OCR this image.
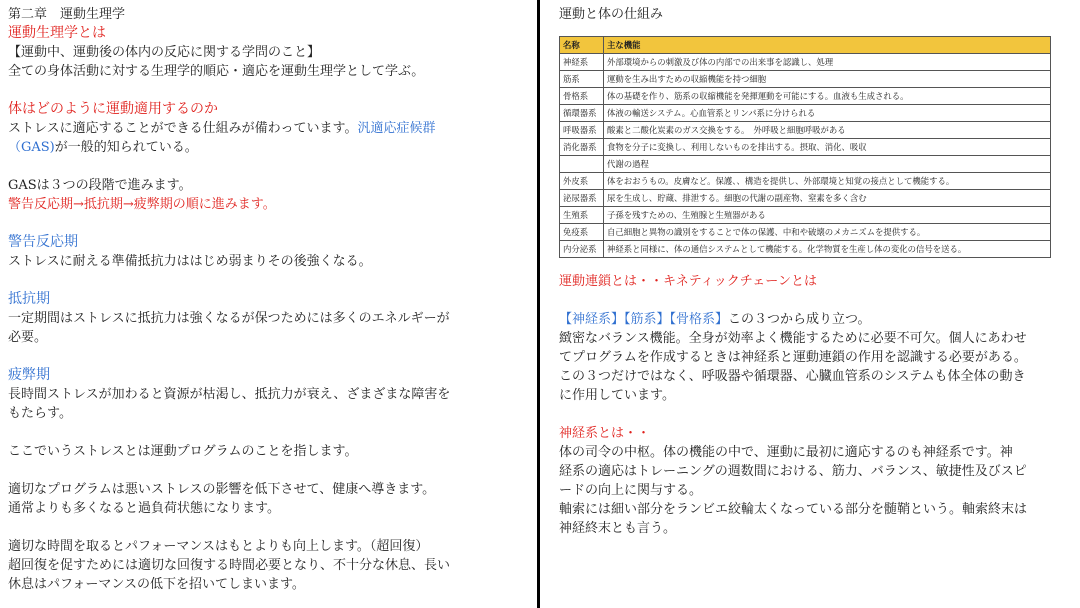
第二章　運動生理学
運動生理学とは
【運動中、運動後の体内の反応に関する学問のこと】
全ての身体活動に対する生理学的順応・適応を運動生理学として学ぶ。
体はどのように運動適用するのか
ストレスに適応することができる仕組みが備わっています。汎適応症候群
（GAS)が一般的知られている。
GASは３つの段階で進みます。
警告反応期→抵抗期→疲弊期の順に進みます。
警告反応期
ストレスに耐える準備抵抗力ははじめ弱まりその後強くなる。
抵抗期
一定期間はストレスに抵抗力は強くなるが保つためには多くのエネルギーが
必要。
疲弊期
長時間ストレスが加わると資源が枯渇し、抵抗力が衰え、ざまざまな障害を
もたらす。
ここでいうストレスとは運動プログラムのことを指します。
適切なプログラムは悪いストレスの影響を低下させて、健康へ導きます。
通常よりも多くなると過負荷状態になります。
適切な時間を取るとパフォーマンスはもとよりも向上します。（超回復）
超回復を促すためには適切な回復する時間必要となり、不十分な休息、長い
休息はパフォーマンスの低下を招いてしまいます。
運動と体の仕組み
名称	主な機能
神経系	外部環境からの刺激及び体の内部での出来事を認識し、処理
筋系	運動を生み出すための収縮機能を持つ細胞
骨格系	体の基礎を作り、筋系の収縮機能を発揮運動を可能にする。血液も生成される。
循環器系	体液の輸送システム。心血管系とリンパ系に分けられる
呼吸器系	酸素と二酸化炭素のガス交換をする。　外呼吸と細胞呼吸がある
消化器系	食物を分子に変換し、利用しないものを排出する。摂取、消化、吸収
	代謝の過程
外皮系	体をおおうもの。皮膚など。保護、、構造を提供し、外部環境と知覚の接点として機能する。
泌尿器系	尿を生成し、貯蔵、排泄する。細胞の代謝の副産物、窒素を多く含む
生殖系	子孫を残すための、生殖腺と生殖器がある
免疫系	自己細胞と異物の識別をすることで体の保護、中和や破壊のメカニズムを提供する。
内分泌系	神経系と同様に、体の通信システムとして機能する。化学物質を生産し体の変化の信号を送る。
運動連鎖とは・・キネティックチェーンとは
【神経系】【筋系】【骨格系】この３つから成り立つ。
緻密なバランス機能。全身が効率よく機能するために必要不可欠。個人にあわせ
てプログラムを作成するときは神経系と運動連鎖の作用を認識する必要がある。
この３つだけではなく、呼吸器や循環器、心臓血管系のシステムも体全体の動き
に作用しています。
神経系とは・・
体の司令の中枢。体の機能の中で、運動に最初に適応するのも神経系です。神
経系の適応はトレーニングの週数間における、筋力、バランス、敏捷性及びスピ
ードの向上に関与する。
軸索には細い部分をランビエ絞輪太くなっている部分を髄鞘という。軸索終末は
神経終末とも言う。
